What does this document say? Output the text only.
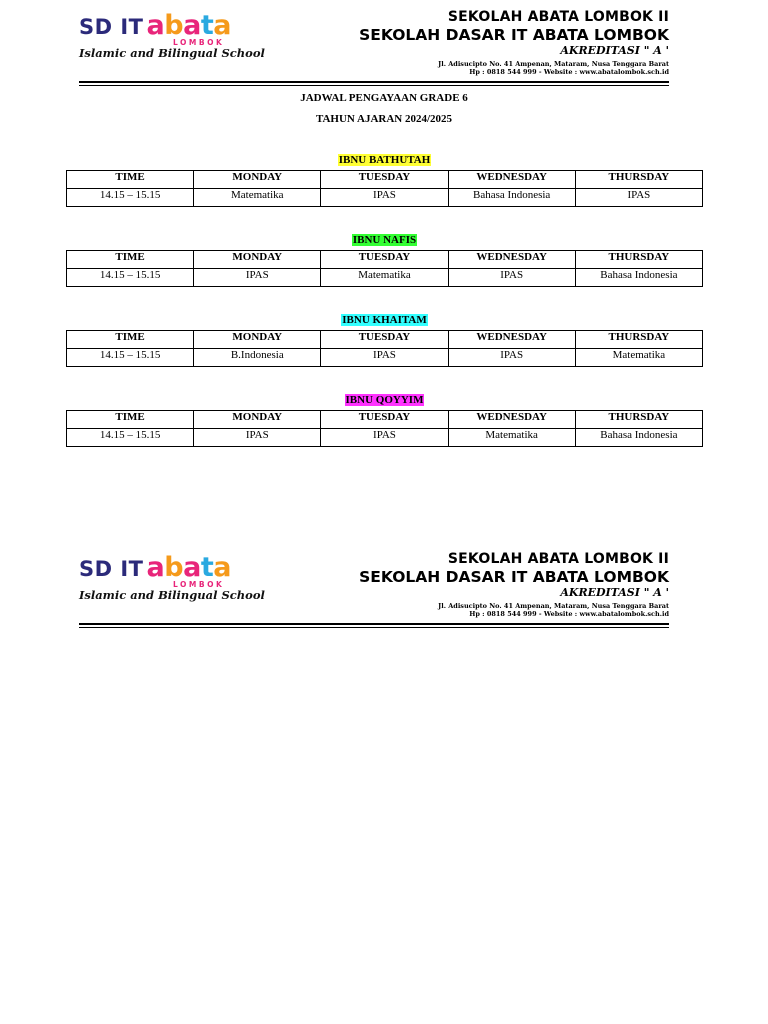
SD IT abata
LOMBOK
Islamic and Bilingual School
SEKOLAH ABATA LOMBOK II
SEKOLAH DASAR IT ABATA LOMBOK
AKREDITASI " A '
Jl. Adisucipto No. 41 Ampenan, Mataram, Nusa Tenggara Barat
Hp : 0818 544 999 - Website : www.abatalombok.sch.id
JADWAL PENGAYAAN GRADE 6
TAHUN AJARAN 2024/2025
IBNU BATHUTAH
TIME	MONDAY	TUESDAY	WEDNESDAY	THURSDAY
14.15 – 15.15	Matematika	IPAS	Bahasa Indonesia	IPAS
IBNU NAFIS
TIME	MONDAY	TUESDAY	WEDNESDAY	THURSDAY
14.15 – 15.15	IPAS	Matematika	IPAS	Bahasa Indonesia
IBNU KHAITAM
TIME	MONDAY	TUESDAY	WEDNESDAY	THURSDAY
14.15 – 15.15	B.Indonesia	IPAS	IPAS	Matematika
IBNU QOYYIM
TIME	MONDAY	TUESDAY	WEDNESDAY	THURSDAY
14.15 – 15.15	IPAS	IPAS	Matematika	Bahasa Indonesia
SD IT abata
LOMBOK
Islamic and Bilingual School
SEKOLAH ABATA LOMBOK II
SEKOLAH DASAR IT ABATA LOMBOK
AKREDITASI " A '
Jl. Adisucipto No. 41 Ampenan, Mataram, Nusa Tenggara Barat
Hp : 0818 544 999 - Website : www.abatalombok.sch.id
